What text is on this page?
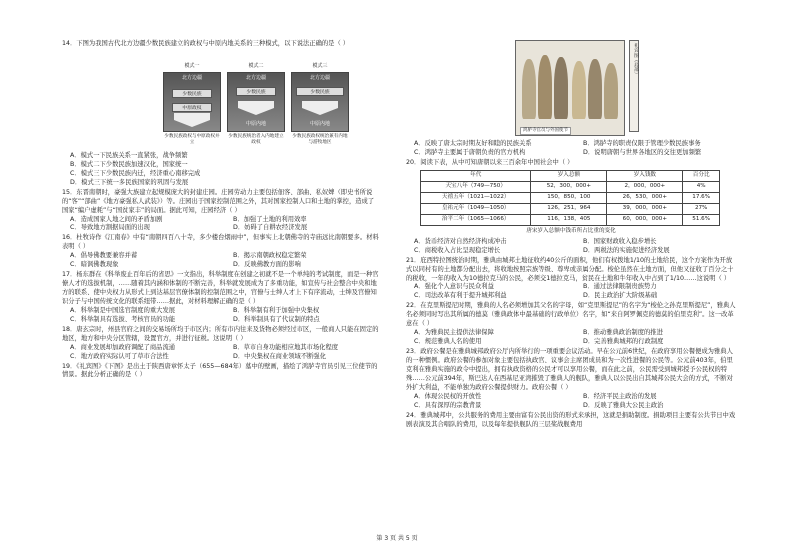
14．下图为我国古代北方边疆少数民族建立的政权与中原内地关系的三种模式，以下说法正确的是（ ）

模式一
北方边疆
少数民族
中原政权
少数民族政权与中原政权并立
模式二
北方边疆
少数民族
中原内地
少数民族统治者入内地建立政权
模式三
北方边疆
少数民族
中原内地
少数民族政权统治兼有内地与游牧地区
A．模式一下民族关系一直紧张，战争频繁
B．模式二下少数民族加速汉化，国家统一
C．模式三下少数民族内迁，经济重心南移完成
D．模式三下统一多民族国家的巩固与发展

15．东晋南朝时，豪强大族建立起规模庞大的封建庄园。庄园劳动力主要包括佃客、部曲、私奴婢（即史书所说的“客”“部曲”《地方豪强私人武装》）等。庄园出于国家控制范围之外，其对国家控制人口和土地的掌控，造成了国家“编户虚耗”与“国贫家丰”的局面。据此可知，庄园经济（ ）

A．造成国家人地之间的矛盾加剧	B．加强了土地的利用效率
C．导致地方割据局面的出现	D．妨碍了自耕农经济发展

16．杜牧诗作《江南春》中有“南朝四百八十寺，多少楼台烟雨中”，但事实上北朝佛寺的寺庙远比南朝要多。材料表明（ ）

A．倡导佛教要兼容并蓄	B．揭示南朝政权稳定繁荣
C．暗讽佛教现象	D．反映佛教方面的影响

17．杨东群在《科举废止百年后的省思》一文指出，科举制度在创建之初就不是一个单纯的考试制度，而是一种官僚人才的选拔机制，……随着其内涵和体制的不断完善，科举就发展成为了多重功能，如宣传与社会整合中央和地方的联系、使中央权力从形式上到达基层官僚体制的控制范围之中，官僚与士绅人才上下有序流动，士绅及官僚知识分子与中国传统文化的联系纽带……据此，对材料理解正确的是（ ）

A．科举制是中国选官制度的重大发展	B．科举制有利于加强中央集权
C．科举制具有选拔、考核官员的功能	D．科举制具有了代议制的特点

18．唐玄宗时，州县官府之间的交易场所均于市区内；所有市内往来及货物必须经过市区，一般商人只能在固定的地区，地方和中央分区管辖，设置官方，并进行征税。这说明（ ）

A．商业发展却加政府调配了商品流通	B．草市自身功能相应地其市场化程度
C．地方政府实际认可了草市合法性	D．中央集权在商业领域不断强化

19．《礼宾图》《下图》是出土于陕西唐章怀太子（655—684年）墓中的壁画，描绘了鸿胪寺官员引见三位使节的情景。据此分析正确的是（ ）

鸿胪寺官员与外国使节
礼宾图（局部）
A．反映了唐太宗时期友好和睦的民族关系	B．鸿胪寺的职责仅限于管理少数民族事务
C．鸿胪寺主要属于唐朝负责的官方机构	D．说明唐朝与世界各地区的交往更加频繁

20．阅读下表，从中可知唐朝以来三百余年中国社会中（ ）

年代	岁入总额	岁入钱数	百分比
天宝八年（749—750）	52，300，000+	2，000，000+	4%
天禧五年（1021—1022）	150，850，100	26，530，000+	17.6%
皇祐元年（1049—1050）	126，251，964	39，000，000+	27%
治平二年（1065—1066）	116，138，405	60，000，000+	51.6%
唐宋岁入总额中钱币所占比重的变化
A．货币经济对自然经济构成冲击	B．国家财政收入稳步增长
C．商税收入占比呈现稳定增长	D．两税法的实施促进经济发展

21．庇西特拉图统治时期，雅典由城邦土地征收约40公斤的面积，他们有权拨地1/10的土地给民，这个方案作为开放式以同村有的土地都分配出去，将收地按照宗族等级、尊卑或亲属分配。梭伦虽然在土地方面，但他又征收了百分之十的税收，一年的收入为10德拉克马的公民，必须交1德拉克马，贫民在土地和牛年收入中占到了1/10……这说明（ ）

A．强化个人意识与民众利益	B．通过法律限制贵族势力
C．司法改革有利于提升城邦利益	D．民主政治扩大阶级基础

22．在克里斯提尼时期，雅典的人名必须增加其父名的字母，如“克里斯提尼”的名字为“梭伦之孙克里斯提尼”，雅典人名必须同时写出其所属的德莫（雅典政体中最基础的行政单位）名字，如“来自阿罗佩克的德莫的伯里克利”。这一改革意在（ ）

A．为雅典民主提供法律保障	B．推动雅典政治制度的推进
C．规范雅典人名的使用	D．完善雅典城邦的行政制度

23．政府公餐是在雅典城邦政府公厅内所举行的一项重要会议活动。早在公元前6世纪，在政府享用公餐便成为雅典人的一种惯例。政府公餐的参加对象主要包括执政官、议事会主席团成员和为一次性进餐的公民等。公元前403年，伯里克利在雅典实施的政令中提出，拥有执政资格的公民才可以享用公餐，而在此之前，公民需受到城邦授予公民权的特殊……公元前394年，斯巴达人在西基尼亚湾摧毁了雅典人的舰队，雅典人以公民出自其城邦公民大会的方式，不断对外扩大利益，不能单独为政府公餐提供财力。政府公餐（ ）

A．体现公民权的开放性	B．经济平民主政治的发展
C．具有深厚的宗教背景	D．反映了雅典大公民主政治

24．雅典城邦中，公共服务的费用主要由富有公民出资的形式来承担，这就是捐助制度。捐助项目主要有公共节日中戏剧表演及其合唱队的费用，以及每年提供舰队的三层桨战舰费用

第 3 页 共 5 页
